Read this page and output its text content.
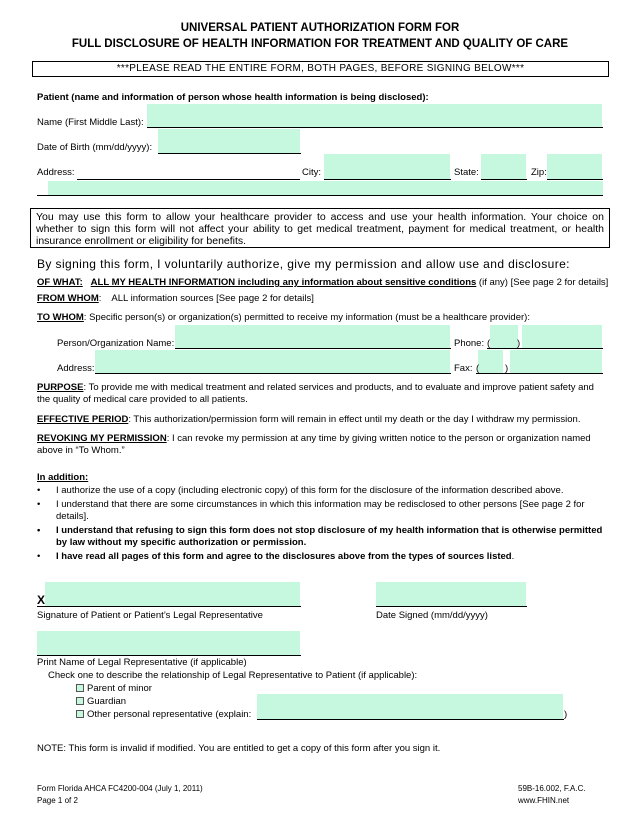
UNIVERSAL PATIENT AUTHORIZATION FORM FOR
FULL DISCLOSURE OF HEALTH INFORMATION FOR TREATMENT AND QUALITY OF CARE
***PLEASE READ THE ENTIRE FORM, BOTH PAGES, BEFORE SIGNING BELOW***
Patient (name and information of person whose health information is being disclosed):
Name (First Middle Last):
Date of Birth (mm/dd/yyyy):
Address:	City:	State:	Zip:
You may use this form to allow your healthcare provider to access and use your health information. Your choice on whether to sign this form will not affect your ability to get medical treatment, payment for medical treatment, or health insurance enrollment or eligibility for benefits.
By signing this form, I voluntarily authorize, give my permission and allow use and disclosure:
OF WHAT: ALL MY HEALTH INFORMATION including any information about sensitive conditions (if any) [See page 2 for details]
FROM WHOM:    ALL information sources [See page 2 for details]
TO WHOM: Specific person(s) or organization(s) permitted to receive my information (must be a healthcare provider):
Person/Organization Name:	Phone: (	)
Address:	Fax: (	)
PURPOSE: To provide me with medical treatment and related services and products, and to evaluate and improve patient safety and the quality of medical care provided to all patients.
EFFECTIVE PERIOD: This authorization/permission form will remain in effect until my death or the day I withdraw my permission.
REVOKING MY PERMISSION: I can revoke my permission at any time by giving written notice to the person or organization named above in “To Whom.”
In addition:
• I authorize the use of a copy (including electronic copy) of this form for the disclosure of the information described above.
• I understand that there are some circumstances in which this information may be redisclosed to other persons [See page 2 for details].
• I understand that refusing to sign this form does not stop disclosure of my health information that is otherwise permitted by law without my specific authorization or permission.
• I have read all pages of this form and agree to the disclosures above from the types of sources listed.
X
Signature of Patient or Patient’s Legal Representative	Date Signed (mm/dd/yyyy)
Print Name of Legal Representative (if applicable)
Check one to describe the relationship of Legal Representative to Patient (if applicable):
Parent of minor
Guardian
Other personal representative (explain:	)
NOTE: This form is invalid if modified. You are entitled to get a copy of this form after you sign it.
Form Florida AHCA FC4200-004 (July 1, 2011)
Page 1 of 2
59B-16.002, F.A.C.
www.FHIN.net
